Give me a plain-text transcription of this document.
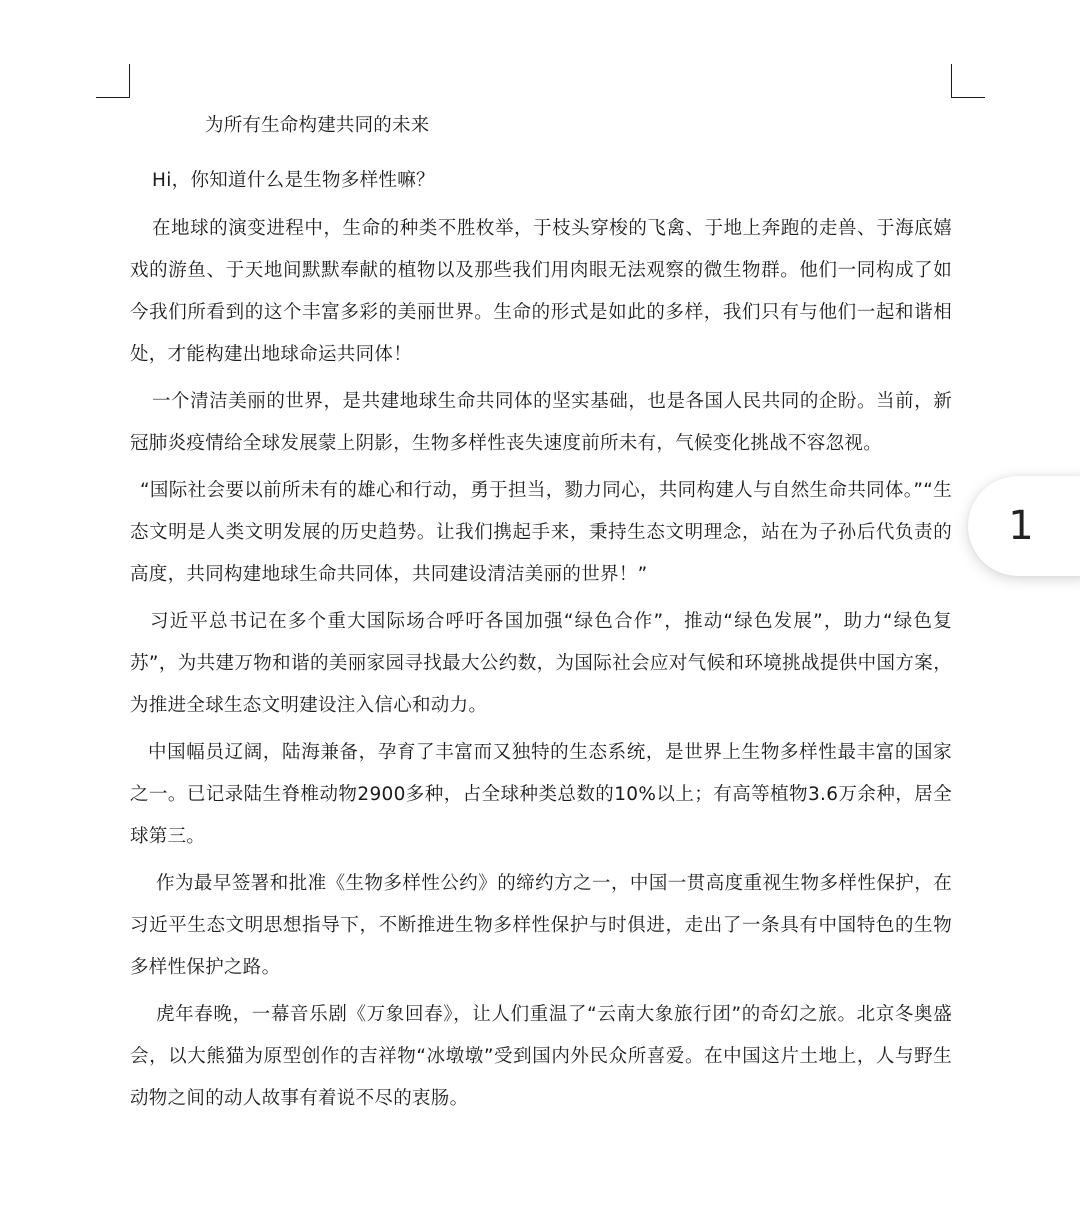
为所有生命构建共同的未来

Hi，你知道什么是生物多样性嘛？

在地球的演变进程中，生命的种类不胜枚举，于枝头穿梭的飞禽、于地上奔跑的走兽、于海底嬉戏的游鱼、于天地间默默奉献的植物以及那些我们用肉眼无法观察的微生物群。他们一同构成了如今我们所看到的这个丰富多彩的美丽世界。生命的形式是如此的多样，我们只有与他们一起和谐相处，才能构建出地球命运共同体！

一个清洁美丽的世界，是共建地球生命共同体的坚实基础，也是各国人民共同的企盼。当前，新冠肺炎疫情给全球发展蒙上阴影，生物多样性丧失速度前所未有，气候变化挑战不容忽视。

“国际社会要以前所未有的雄心和行动，勇于担当，勠力同心，共同构建人与自然生命共同体。”“生态文明是人类文明发展的历史趋势。让我们携起手来，秉持生态文明理念，站在为子孙后代负责的高度，共同构建地球生命共同体，共同建设清洁美丽的世界！”

习近平总书记在多个重大国际场合呼吁各国加强“绿色合作”，推动“绿色发展”，助力“绿色复苏”，为共建万物和谐的美丽家园寻找最大公约数，为国际社会应对气候和环境挑战提供中国方案，为推进全球生态文明建设注入信心和动力。

中国幅员辽阔，陆海兼备，孕育了丰富而又独特的生态系统，是世界上生物多样性最丰富的国家之一。已记录陆生脊椎动物2900多种，占全球种类总数的10%以上；有高等植物3.6万余种，居全球第三。

作为最早签署和批准《生物多样性公约》的缔约方之一，中国一贯高度重视生物多样性保护，在习近平生态文明思想指导下，不断推进生物多样性保护与时俱进，走出了一条具有中国特色的生物多样性保护之路。

虎年春晚，一幕音乐剧《万象回春》，让人们重温了“云南大象旅行团”的奇幻之旅。北京冬奥盛会，以大熊猫为原型创作的吉祥物“冰墩墩”受到国内外民众所喜爱。在中国这片土地上，人与野生动物之间的动人故事有着说不尽的衷肠。

1
